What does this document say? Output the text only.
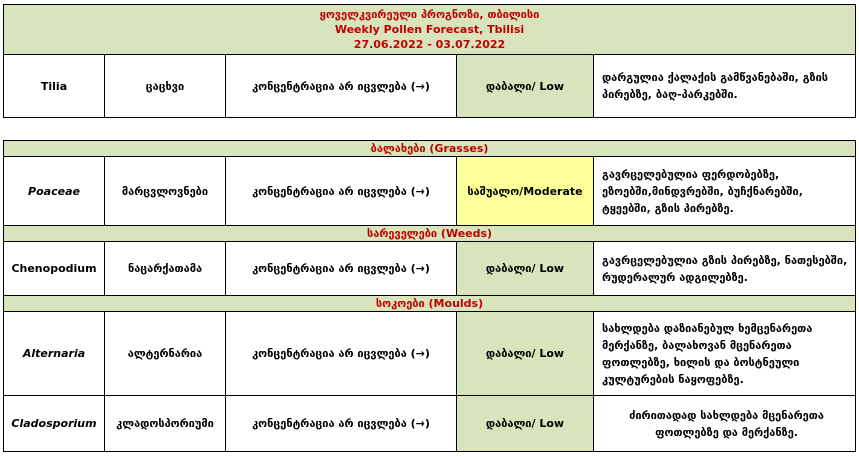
ყოველკვირეული პროგნოზი, თბილისი
Weekly Pollen Forecast, Tbilisi
27.06.2022 - 03.07.2022

Tilia	ცაცხვი	კონცენტრაცია არ იცვლება (→)	დაბალი/ Low	დარგულია ქალაქის გამწვანებაში, გზის პირებზე, ბაღ-პარკებში.
ბალახები (Grasses)				
Poaceae	მარცვლოვნები	კონცენტრაცია არ იცვლება (→)	საშუალო/Moderate	გავრცელებულია ფერდობებზე, ეზოებში,მინდვრებში, ბუჩქნარებში, ტყეებში, გზის პირებზე.
სარეველები (Weeds)				
Chenopodium	ნაცარქათამა	კონცენტრაცია არ იცვლება (→)	დაბალი/ Low	გავრცელებულია გზის პირებზე, ნათესებში, რუდერალურ ადგილებზე.
სოკოები (Moulds)				
Alternaria	ალტერნარია	კონცენტრაცია არ იცვლება (→)	დაბალი/ Low	სახლდება დაზიანებულ ხემცენარეთა მერქანზე, ბალახოვან მცენარეთა ფოთლებზე, ხილის და ბოსტნეული კულტურების ნაყოფებზე.
Cladosporium	კლადოსპორიუმი	კონცენტრაცია არ იცვლება (→)	დაბალი/ Low	ძირითადად სახლდება მცენარეთა ფოთლებზე და მერქანზე.
